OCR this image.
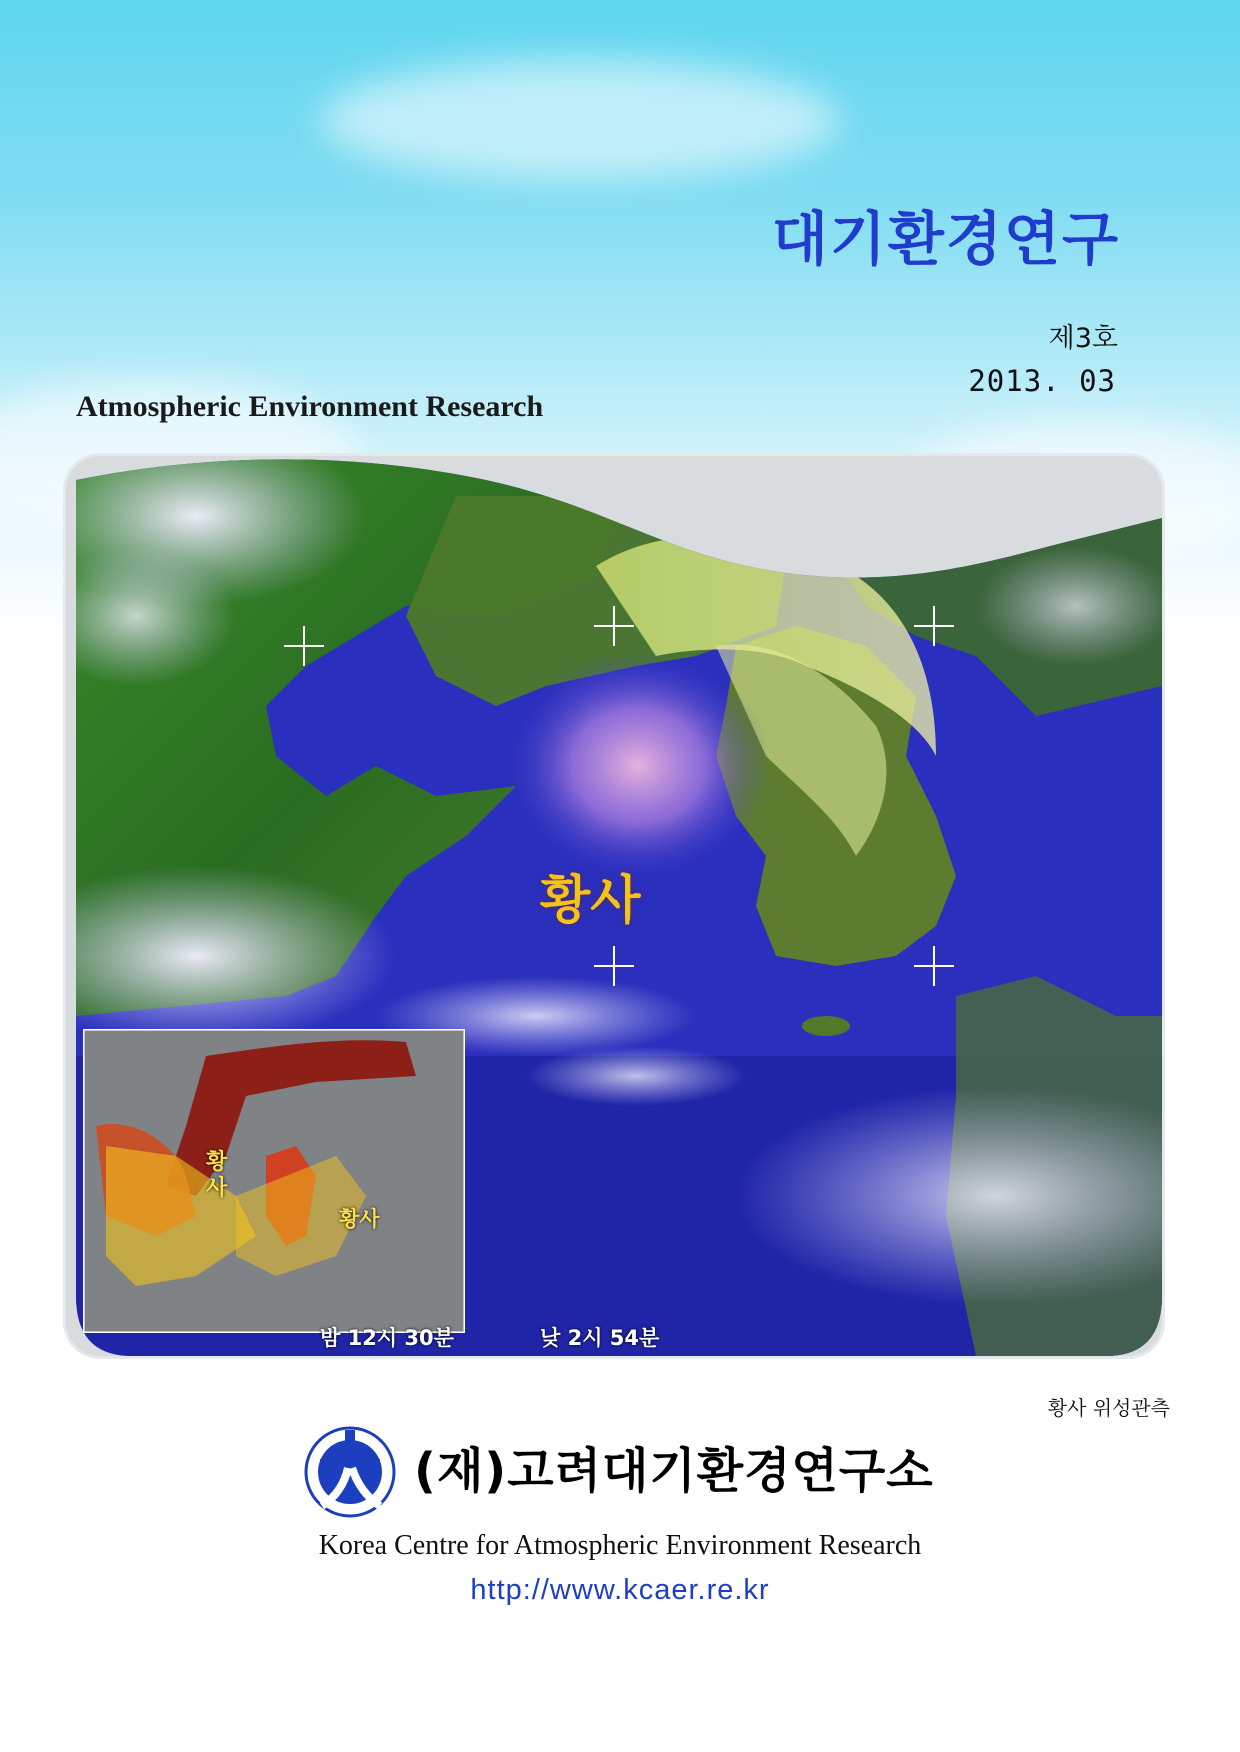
대기환경연구
제3호
2013. 03
Atmospheric Environment Research
황사
황 사
황사
밤 12시 30분	낮 2시 54분
황사 위성관측
(재)고려대기환경연구소
Korea Centre for Atmospheric Environment Research
http://www.kcaer.re.kr
